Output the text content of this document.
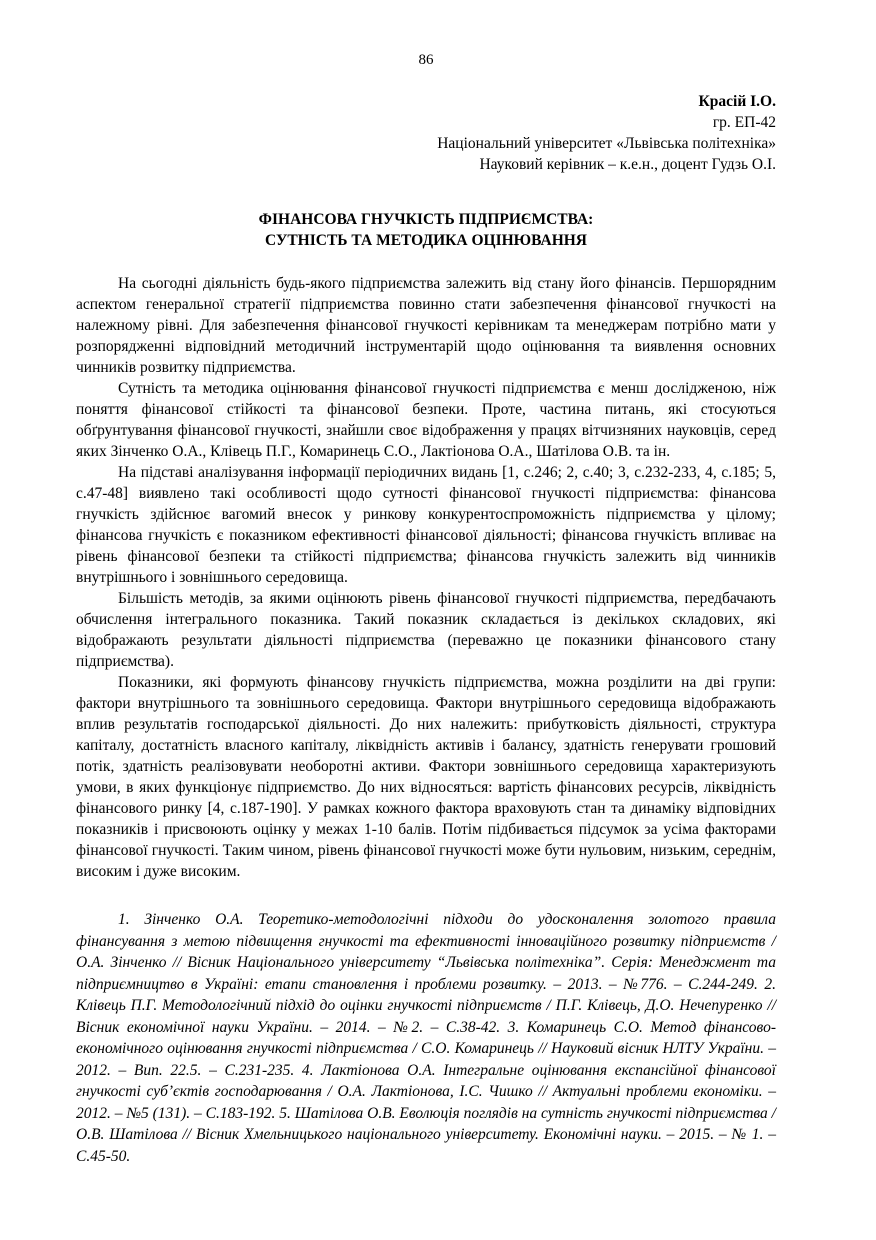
86
Красій І.О.
гр. ЕП-42
Національний університет «Львівська політехніка»
Науковий керівник – к.е.н., доцент Гудзь О.І.
ФІНАНСОВА ГНУЧКІСТЬ ПІДПРИЄМСТВА:
СУТНІСТЬ ТА МЕТОДИКА ОЦІНЮВАННЯ

На сьогодні діяльність будь-якого підприємства залежить від стану його фінансів. Першорядним аспектом генеральної стратегії підприємства повинно стати забезпечення фінансової гнучкості на належному рівні. Для забезпечення фінансової гнучкості керівникам та менеджерам потрібно мати у розпорядженні відповідний методичний інструментарій щодо оцінювання та виявлення основних чинників розвитку підприємства.

Сутність та методика оцінювання фінансової гнучкості підприємства є менш дослідженою, ніж поняття фінансової стійкості та фінансової безпеки. Проте, частина питань, які стосуються обґрунтування фінансової гнучкості, знайшли своє відображення у працях вітчизняних науковців, серед яких Зінченко О.А., Клівець П.Г., Комаринець С.О., Лактіонова О.А., Шатілова О.В. та ін.

На підставі аналізування інформації періодичних видань [1, с.246; 2, с.40; 3, с.232-233, 4, с.185; 5, с.47-48] виявлено такі особливості щодо сутності фінансової гнучкості підприємства: фінансова гнучкість здійснює вагомий внесок у ринкову конкурентоспроможність підприємства у цілому; фінансова гнучкість є показником ефективності фінансової діяльності; фінансова гнучкість впливає на рівень фінансової безпеки та стійкості підприємства; фінансова гнучкість залежить від чинників внутрішнього і зовнішнього середовища.

Більшість методів, за якими оцінюють рівень фінансової гнучкості підприємства, передбачають обчислення інтегрального показника. Такий показник складається із декількох складових, які відображають результати діяльності підприємства (переважно це показники фінансового стану підприємства).

Показники, які формують фінансову гнучкість підприємства, можна розділити на дві групи: фактори внутрішнього та зовнішнього середовища. Фактори внутрішнього середовища відображають вплив результатів господарської діяльності. До них належить: прибутковість діяльності, структура капіталу, достатність власного капіталу, ліквідність активів і балансу, здатність генерувати грошовий потік, здатність реалізовувати необоротні активи. Фактори зовнішнього середовища характеризують умови, в яких функціонує підприємство. До них відносяться: вартість фінансових ресурсів, ліквідність фінансового ринку [4, с.187-190]. У рамках кожного фактора враховують стан та динаміку відповідних показників і присвоюють оцінку у межах 1-10 балів. Потім підбивається підсумок за усіма факторами фінансової гнучкості. Таким чином, рівень фінансової гнучкості може бути нульовим, низьким, середнім, високим і дуже високим.

1. Зінченко О.А. Теоретико-методологічні підходи до удосконалення золотого правила фінансування з метою підвищення гнучкості та ефективності інноваційного розвитку підприємств / О.А. Зінченко // Вісник Національного університету “Львівська політехніка”. Серія: Менеджмент та підприємництво в Україні: етапи становлення і проблеми розвитку. – 2013. – №776. – С.244-249. 2. Клівець П.Г. Методологічний підхід до оцінки гнучкості підприємств / П.Г. Клівець, Д.О. Нечепуренко // Вісник економічної науки України. – 2014. – №2. – С.38-42. 3. Комаринець С.О. Метод фінансово-економічного оцінювання гнучкості підприємства / С.О. Комаринець // Науковий вісник НЛТУ України. – 2012. – Вип. 22.5. – С.231-235. 4. Лактіонова О.А. Інтегральне оцінювання експансійної фінансової гнучкості суб’єктів господарювання / О.А. Лактіонова, І.С. Чишко // Актуальні проблеми економіки. – 2012. – №5 (131). – С.183-192. 5. Шатілова О.В. Еволюція поглядів на сутність гнучкості підприємства / О.В. Шатілова // Вісник Хмельницького національного університету. Економічні науки. – 2015. – № 1. – С.45-50.
